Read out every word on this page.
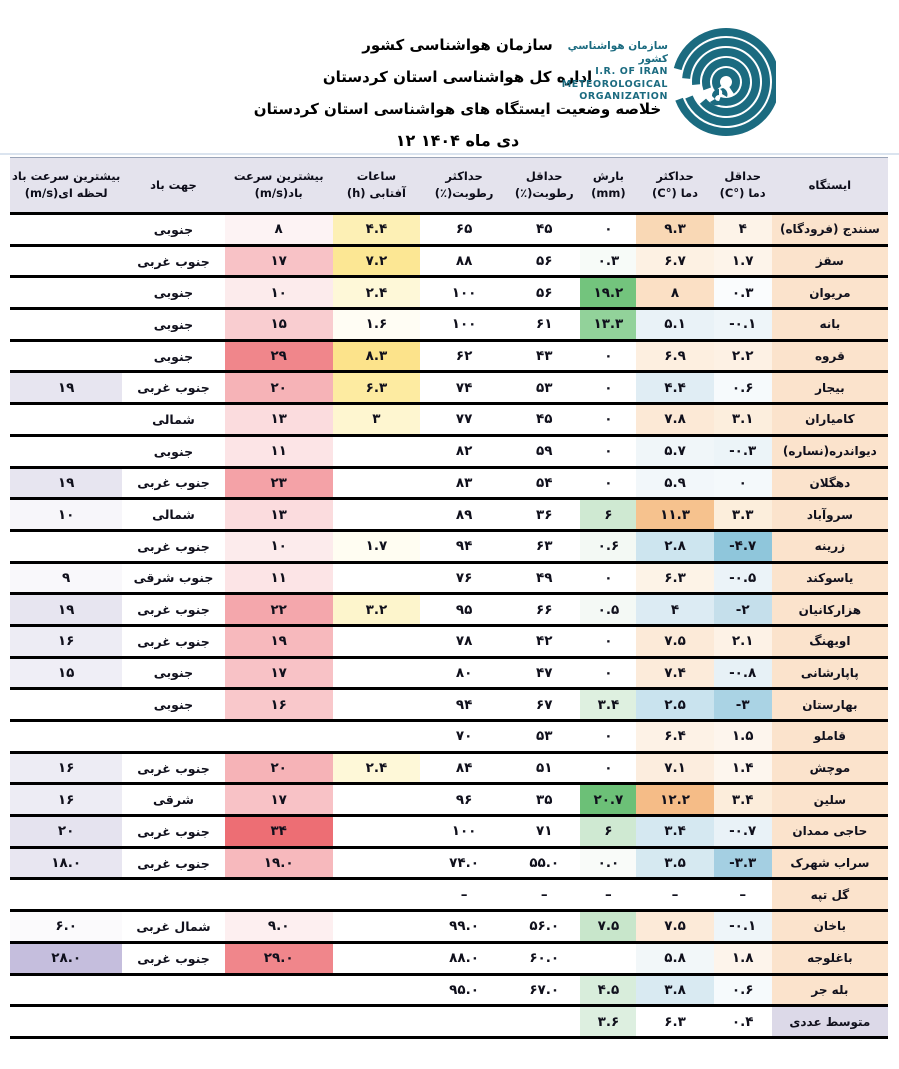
سازمان هواشناسی کشور
اداره کل هواشناسی استان کردستان
خلاصه وضعیت ایستگاه های هواشناسی استان کردستان
۱۲ دی ماه ۱۴۰۴
سازمان هواشناسي كشور
I.R. OF IRAN
METEOROLOGICAL
ORGANIZATION
ایستگاه

حداقل
دما (°C)

حداکثر
دما (°C)

بارش
(mm)

حداقل
رطوبت(٪)

حداکثر
رطوبت(٪)

ساعات
آفتابی (h)

بیشترین سرعت
باد(m/s)

جهت باد

بیشترین سرعت باد
لحظه ای(m/s)

سنندج (فرودگاه)	۴	۹.۳	۰	۴۵	۶۵	۴.۴	۸	جنوبی	
سقز	۱.۷	۶.۷	۰.۳	۵۶	۸۸	۷.۲	۱۷	جنوب غربی	
مریوان	۰.۳	۸	۱۹.۲	۵۶	۱۰۰	۲.۴	۱۰	جنوبی	
بانه	-۰.۱	۵.۱	۱۳.۳	۶۱	۱۰۰	۱.۶	۱۵	جنوبی	
قروه	۲.۲	۶.۹	۰	۴۳	۶۲	۸.۳	۲۹	جنوبی	
بیجار	۰.۶	۴.۴	۰	۵۳	۷۴	۶.۳	۲۰	جنوب غربی	۱۹
کامیاران	۳.۱	۷.۸	۰	۴۵	۷۷	۳	۱۳	شمالی	
دیواندره(نساره)	-۰.۳	۵.۷	۰	۵۹	۸۲		۱۱	جنوبی	
دهگلان	۰	۵.۹	۰	۵۴	۸۳		۲۳	جنوب غربی	۱۹
سروآباد	۳.۳	۱۱.۳	۶	۳۶	۸۹		۱۳	شمالی	۱۰
زرینه	-۴.۷	۲.۸	۰.۶	۶۳	۹۴	۱.۷	۱۰	جنوب غربی	
یاسوکند	-۰.۵	۶.۳	۰	۴۹	۷۶		۱۱	جنوب شرقی	۹
هزارکانیان	-۲	۴	۰.۵	۶۶	۹۵	۳.۲	۲۲	جنوب غربی	۱۹
اویهنگ	۲.۱	۷.۵	۰	۴۲	۷۸		۱۹	جنوب غربی	۱۶
پاپارشانی	-۰.۸	۷.۴	۰	۴۷	۸۰		۱۷	جنوبی	۱۵
بهارستان	-۳	۲.۵	۳.۴	۶۷	۹۴		۱۶	جنوبی	
قاملو	۱.۵	۶.۴	۰	۵۳	۷۰				
موچش	۱.۴	۷.۱	۰	۵۱	۸۴	۲.۴	۲۰	جنوب غربی	۱۶
سلین	۳.۴	۱۲.۲	۲۰.۷	۳۵	۹۶		۱۷	شرقی	۱۶
حاجی ممدان	-۰.۷	۳.۴	۶	۷۱	۱۰۰		۳۴	جنوب غربی	۲۰
سراب شهرک	-۳.۳	۳.۵	۰.۰	۵۵.۰	۷۴.۰		۱۹.۰	جنوب غربی	۱۸.۰
گل تپه	–	–	–	–	–				
باخان	-۰.۱	۷.۵	۷.۵	۵۶.۰	۹۹.۰		۹.۰	شمال غربی	۶.۰
باغلوجه	۱.۸	۵.۸		۶۰.۰	۸۸.۰		۲۹.۰	جنوب غربی	۲۸.۰
بله جر	۰.۶	۳.۸	۴.۵	۶۷.۰	۹۵.۰				
متوسط عددی	۰.۴	۶.۳	۳.۶						
